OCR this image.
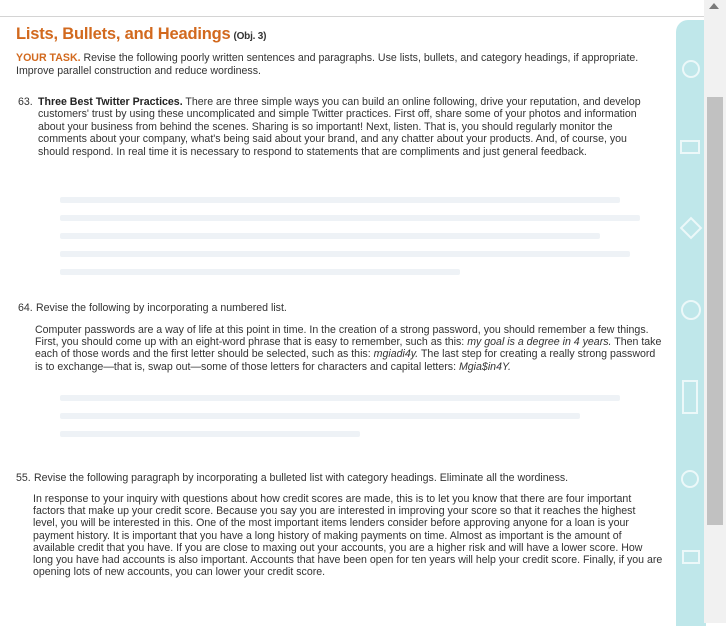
Lists, Bullets, and Headings (Obj. 3)
YOUR TASK. Revise the following poorly written sentences and paragraphs. Use lists, bullets, and category headings, if appropriate. Improve parallel construction and reduce wordiness.
63. Three Best Twitter Practices. There are three simple ways you can build an online following, drive your reputation, and develop customers' trust by using these uncomplicated and simple Twitter practices. First off, share some of your photos and information about your business from behind the scenes. Sharing is so important! Next, listen. That is, you should regularly monitor the comments about your company, what's being said about your brand, and any chatter about your products. And, of course, you should respond. In real time it is necessary to respond to statements that are compliments and just general feedback.
64. Revise the following by incorporating a numbered list.
Computer passwords are a way of life at this point in time. In the creation of a strong password, you should remember a few things. First, you should come up with an eight-word phrase that is easy to remember, such as this: my goal is a degree in 4 years. Then take each of those words and the first letter should be selected, such as this: mgiadi4y. The last step for creating a really strong password is to exchange—that is, swap out—some of those letters for characters and capital letters: Mgia$in4Y.
55. Revise the following paragraph by incorporating a bulleted list with category headings. Eliminate all the wordiness.
In response to your inquiry with questions about how credit scores are made, this is to let you know that there are four important factors that make up your credit score. Because you say you are interested in improving your score so that it reaches the highest level, you will be interested in this. One of the most important items lenders consider before approving anyone for a loan is your payment history. It is important that you have a long history of making payments on time. Almost as important is the amount of available credit that you have. If you are close to maxing out your accounts, you are a higher risk and will have a lower score. How long you have had accounts is also important. Accounts that have been open for ten years will help your credit score. Finally, if you are opening lots of new accounts, you can lower your credit score.
